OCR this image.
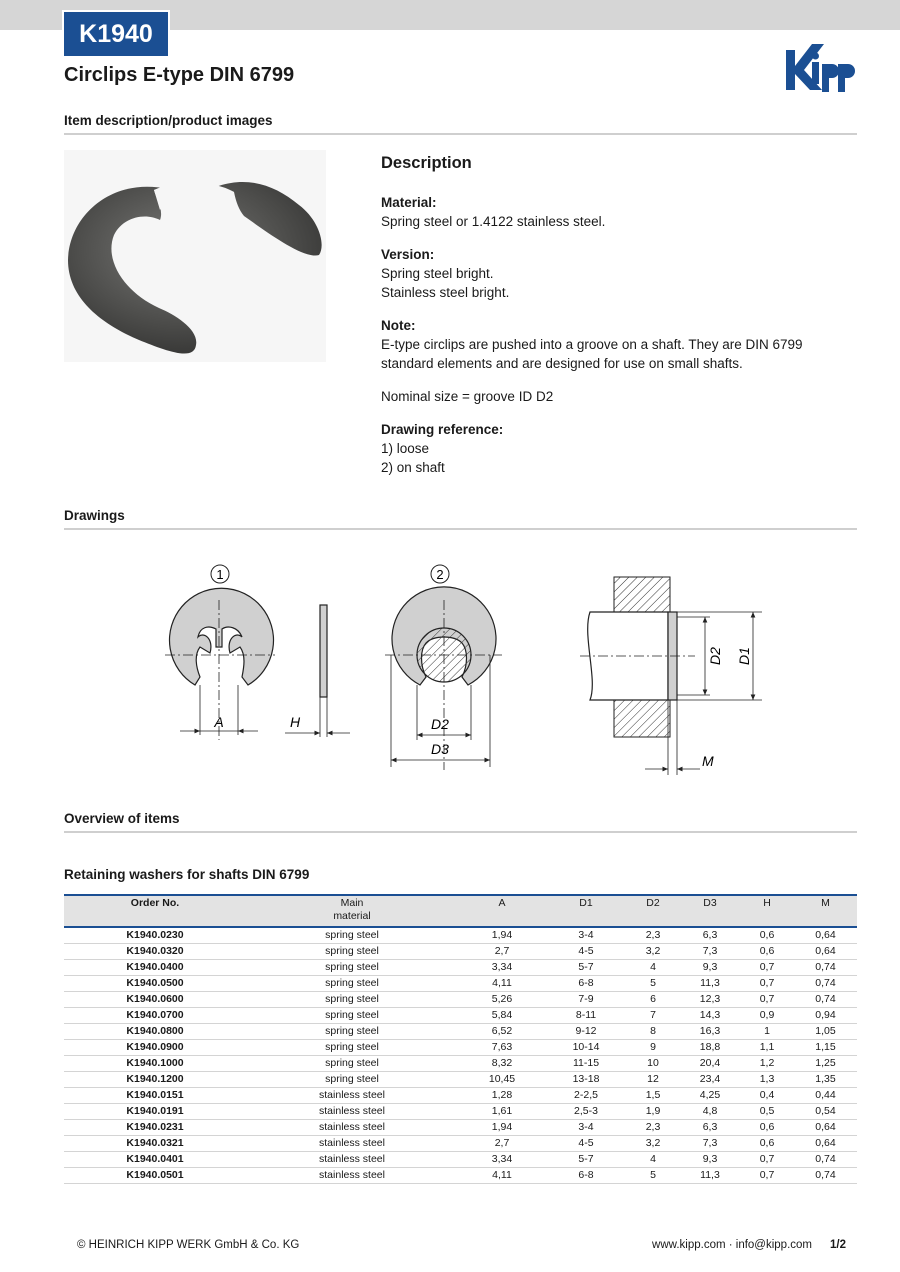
K1940
Circlips E-type DIN 6799
Item description/product images
Description
Material:
Spring steel or 1.4122 stainless steel.
Version:
Spring steel bright.
Stainless steel bright.
Note:
E-type circlips are pushed into a groove on a shaft. They are DIN 6799 standard elements and are designed for use on small shafts.
Nominal size = groove ID D2
Drawing reference:
1) loose
2) on shaft
Drawings
1
A	H
2
D2
D3
D2 D1
M
Overview of items
Retaining washers for shafts DIN 6799
Order No.	Main
material	A	D1	D2	D3	H	M
K1940.0230	spring steel	1,94	3-4	2,3	6,3	0,6	0,64
K1940.0320	spring steel	2,7	4-5	3,2	7,3	0,6	0,64
K1940.0400	spring steel	3,34	5-7	4	9,3	0,7	0,74
K1940.0500	spring steel	4,11	6-8	5	11,3	0,7	0,74
K1940.0600	spring steel	5,26	7-9	6	12,3	0,7	0,74
K1940.0700	spring steel	5,84	8-11	7	14,3	0,9	0,94
K1940.0800	spring steel	6,52	9-12	8	16,3	1	1,05
K1940.0900	spring steel	7,63	10-14	9	18,8	1,1	1,15
K1940.1000	spring steel	8,32	11-15	10	20,4	1,2	1,25
K1940.1200	spring steel	10,45	13-18	12	23,4	1,3	1,35
K1940.0151	stainless steel	1,28	2-2,5	1,5	4,25	0,4	0,44
K1940.0191	stainless steel	1,61	2,5-3	1,9	4,8	0,5	0,54
K1940.0231	stainless steel	1,94	3-4	2,3	6,3	0,6	0,64
K1940.0321	stainless steel	2,7	4-5	3,2	7,3	0,6	0,64
K1940.0401	stainless steel	3,34	5-7	4	9,3	0,7	0,74
K1940.0501	stainless steel	4,11	6-8	5	11,3	0,7	0,74
© HEINRICH KIPP WERK GmbH & Co. KG	www.kipp.com · info@kipp.com 1/2
